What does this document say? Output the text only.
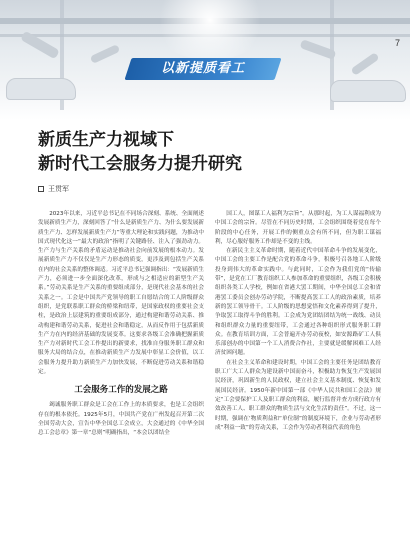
7
以新提质看工
新质生产力视域下
新时代工会服务力提升研究
王贯军

2023年以来，习近平总书记在不同场合深刻、系统、全面阐述发展新质生产力，深刻回答了“什么是新质生产力、为什么要发展新质生产力、怎样发展新质生产力”等重大理论和实践问题，为推动中国式现代化这一“最大的政治”指明了关键路径、注入了强劲动力。生产力与生产关系的矛盾运动是推动社会向前发展的根本动力。发展新质生产力不仅仅是生产力形态的质变，更涉及到包括生产关系在内的社会关系的整体调适。习近平总书记强调指出：“发展新质生产力，必须进一步全面深化改革，形成与之相适应的新型生产关系。”劳动关系是生产关系的重要组成部分，是现代社会基本的社会关系之一。工会是中国共产党领导的职工自愿结合的工人阶级群众组织，是党联系职工群众的桥梁和纽带，是国家政权的重要社会支柱，是政治上层建筑的重要组成部分，通过构建和谐劳动关系、推动构建和谐劳动关系，促进社会和谐稳定，从而反作用于包括新质生产力在内的经济基础的发展变革。这要求各级工会准确把握新质生产力对新时代工会工作提出的新要求，找准自身服务职工群众和服务大局的结合点，在推动新质生产力发展中彰显工会价值，以工会服务力提升助力新质生产力加快发展，不断促进劳动关系和谐稳定。

工会服务工作的发展之路

竭诚服务职工群众是工会在工作上的本质要求，也是工会组织存在的根本依托。1925年5月，中国共产党在广州发起召开第二次全国劳动大会，宣告中华全国总工会成立，大会通过的《中华全国总工会总章》第一章“总则”明确指出，“本会以团结全

国工人，图谋工人福利为宗旨”。从那时起，为工人谋福利成为中国工会的宗旨。尽管在不同历史时期，工会组织围绕着党在每个阶段的中心任务，开展工作的侧重点会有所不同，但为职工谋福利，尽心服好服务工作却是不变的主线。

在新民主主义革命时期，随着近代中国革命斗争的发展变化，中国工会的主要工作是配合党的革命斗争，积极号召各地工人阶级投身到伟大的革命实践中。与此同时，工会作为我们党的“传输带”，是党在工厂教育组织工人参加革命的重要组织，各级工会积极组织各类工人学校，例如在省港大罢工期间，中华全国总工会和省港罢工委员会创办劳动学院，不断提高罢工工人的政治素质，培养新的罢工领导骨干。工人阶级的思想觉悟和文化素养得到了提升，争取罢工取得斗争的胜利。工会成为党团结团结为统一战线、动员和组织群众力量的重要纽带，工会通过各种组织形式服务职工群众。在教育培训方面，工会普遍开办劳动夜校，如安源路矿工人俱乐部创办的中国第一个工人消费合作社，主要就是缓解困难工人经济贫困问题。

在社会主义革命和建设时期，中国工会的主要任务是团结教育职工广大工人群众为建设新中国而奋斗，积极助力恢复生产发展国民经济，巩固新生的人民政权，建立社会主义基本制度、恢复和发展国民经济。1950年新中国第一部《中华人民共和国工会法》规定“工会要保护工人及职工群众的利益，履行监督并查方成行政方有效改善工人、职工群众的物质生活与文化生活的责任”。不过，这一时期，强调在‘物质利益和“单位制”的制度环境下，企业与劳动者形成“利益一致”的劳动关系，工会作为劳动者利益代表的角色
